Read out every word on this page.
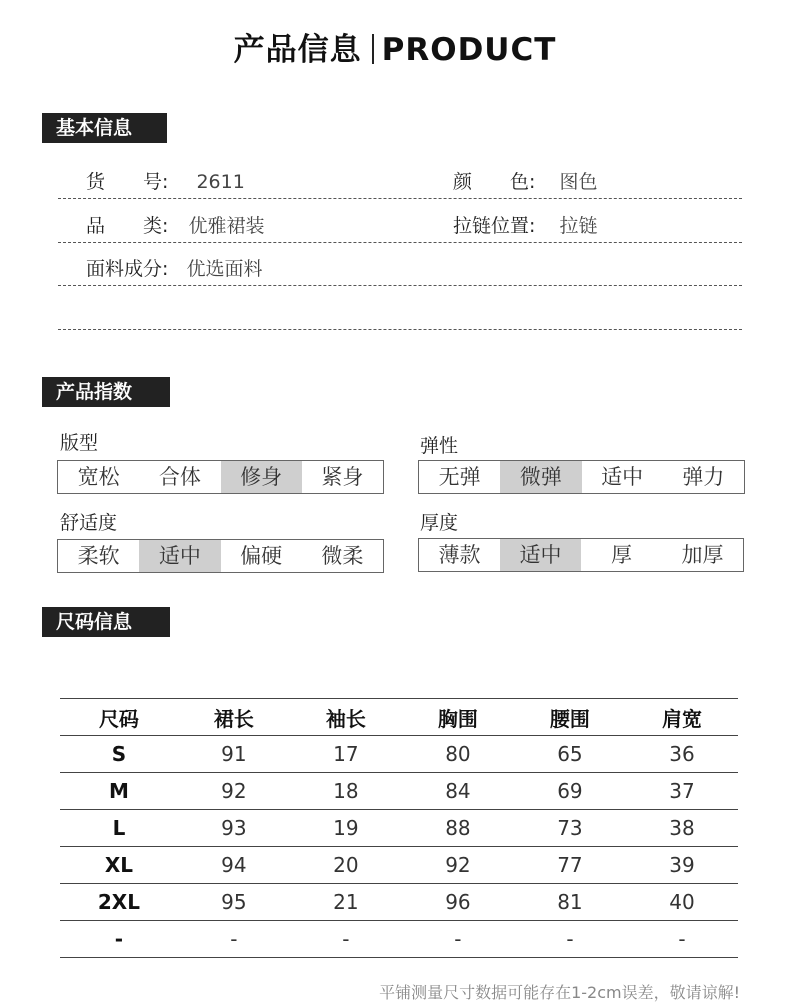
产品信息 PRODUCT
基本信息
货　　号: 2611	颜　　色: 图色
品　　类: 优雅裙装	拉链位置: 拉链
面料成分: 优选面料
产品指数
版型
宽松	合体	修身	紧身
弹性
无弹	微弹	适中	弹力
舒适度
柔软	适中	偏硬	微柔
厚度
薄款	适中	厚	加厚
尺码信息
尺码	裙长	袖长	胸围	腰围	肩宽
S	91	17	80	65	36
M	92	18	84	69	37
L	93	19	88	73	38
XL	94	20	92	77	39
2XL	95	21	96	81	40
-	-	-	-	-	-
平铺测量尺寸数据可能存在1-2cm误差，敬请谅解!
